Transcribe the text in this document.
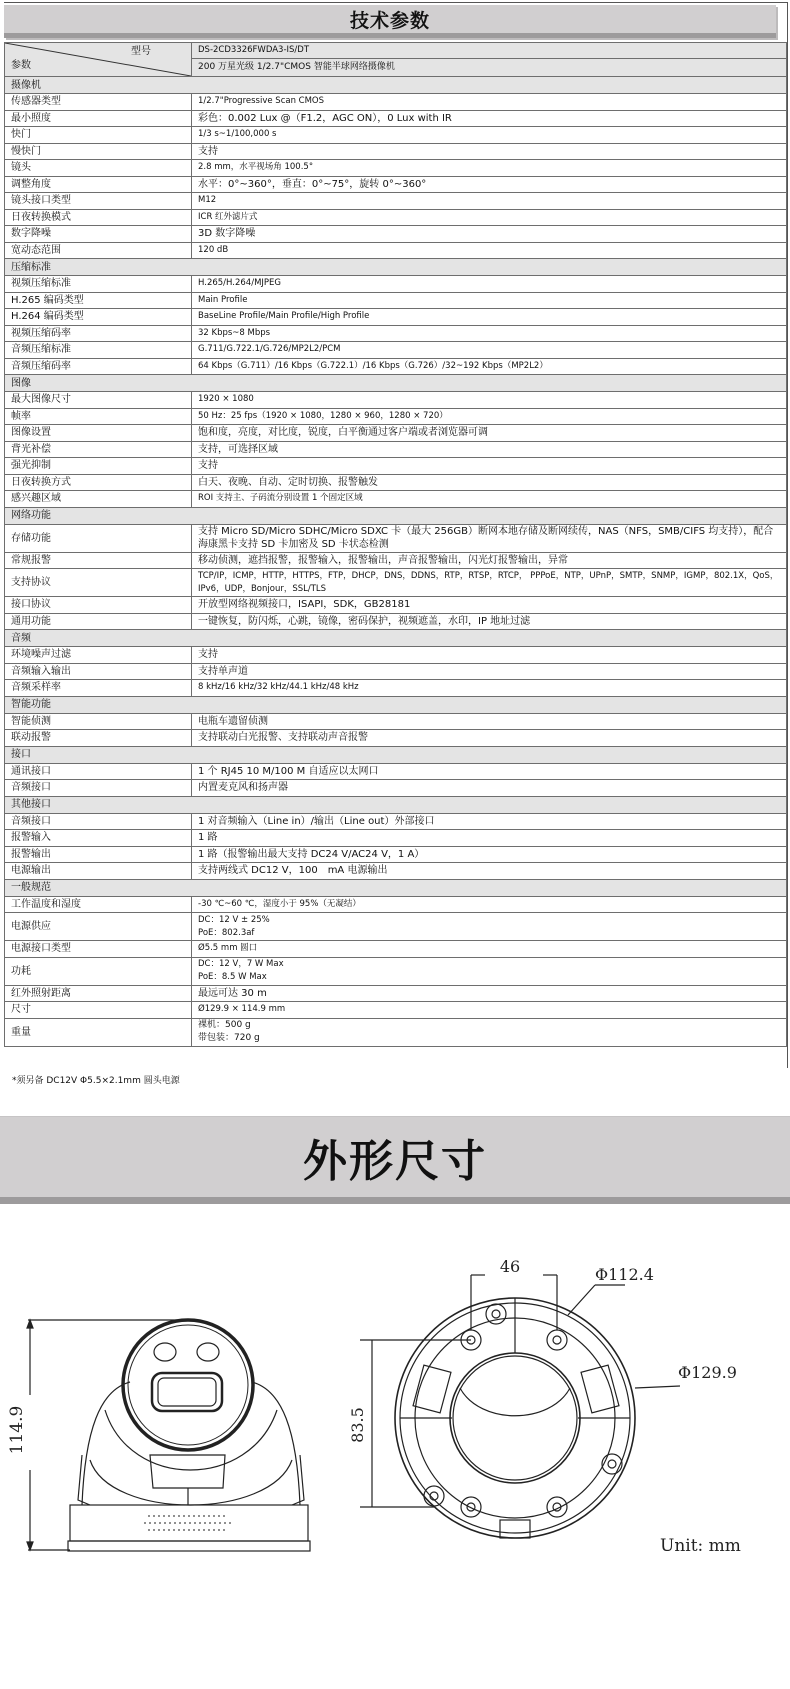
技术参数
型号
参数	DS-2CD3326FWDA3-IS/DT
	200 万星光级 1/2.7"CMOS 智能半球网络摄像机
摄像机	
传感器类型	1/2.7"Progressive Scan CMOS
最小照度	彩色：0.002 Lux @（F1.2，AGC ON），0 Lux with IR
快门	1/3 s~1/100,000 s
慢快门	支持
镜头	2.8 mm，水平视场角 100.5°
调整角度	水平：0°~360°，垂直：0°~75°，旋转 0°~360°
镜头接口类型	M12
日夜转换模式	ICR 红外滤片式
数字降噪	3D 数字降噪
宽动态范围	120 dB
压缩标准	
视频压缩标准	H.265/H.264/MJPEG
H.265 编码类型	Main Profile
H.264 编码类型	BaseLine Profile/Main Profile/High Profile
视频压缩码率	32 Kbps~8 Mbps
音频压缩标准	G.711/G.722.1/G.726/MP2L2/PCM
音频压缩码率	64 Kbps（G.711）/16 Kbps（G.722.1）/16 Kbps（G.726）/32~192 Kbps（MP2L2）
图像	
最大图像尺寸	1920 × 1080
帧率	50 Hz：25 fps（1920 × 1080，1280 × 960，1280 × 720）
图像设置	饱和度，亮度，对比度，锐度，白平衡通过客户端或者浏览器可调
背光补偿	支持，可选择区域
强光抑制	支持
日夜转换方式	白天、夜晚、自动、定时切换、报警触发
感兴趣区域	ROI 支持主、子码流分别设置 1 个固定区域
网络功能	
存储功能	支持 Micro SD/Micro SDHC/Micro SDXC 卡（最大 256GB）断网本地存储及断网续传，NAS（NFS，SMB/CIFS 均支持），配合海康黑卡支持 SD 卡加密及 SD 卡状态检测
常规报警	移动侦测，遮挡报警，报警输入，报警输出，声音报警输出，闪光灯报警输出，异常
支持协议	TCP/IP，ICMP，HTTP，HTTPS，FTP，DHCP，DNS，DDNS，RTP，RTSP，RTCP， PPPoE，NTP，UPnP，SMTP，SNMP，IGMP，802.1X，QoS，IPv6，UDP，Bonjour，SSL/TLS
接口协议	开放型网络视频接口，ISAPI，SDK，GB28181
通用功能	一键恢复，防闪烁，心跳，镜像，密码保护，视频遮盖，水印，IP 地址过滤
音频	
环境噪声过滤	支持
音频输入输出	支持单声道
音频采样率	8 kHz/16 kHz/32 kHz/44.1 kHz/48 kHz
智能功能	
智能侦测	电瓶车遗留侦测
联动报警	支持联动白光报警、支持联动声音报警
接口	
通讯接口	1 个 RJ45 10 M/100 M 自适应以太网口
音频接口	内置麦克风和扬声器
其他接口	
音频接口	1 对音频输入（Line in）/输出（Line out）外部接口
报警输入	1 路
报警输出	1 路（报警输出最大支持 DC24 V/AC24 V，1 A）
电源输出	支持两线式 DC12 V，100　mA 电源输出
一般规范	
工作温度和湿度	-30 ℃~60 ℃，湿度小于 95%（无凝结）
电源供应	DC：12 V ± 25%
PoE：802.3af

电源接口类型	Ø5.5 mm 圆口
功耗	DC：12 V，7 W Max
PoE：8.5 W Max

红外照射距离	最远可达 30 m
尺寸	Ø129.9 × 114.9 mm
重量	裸机：500 g
带包装：720 g
*须另备 DC12V Φ5.5×2.1mm 圆头电源
外形尺寸
114.9
46	Φ112.4
Φ129.9
83.5
Unit: mm
